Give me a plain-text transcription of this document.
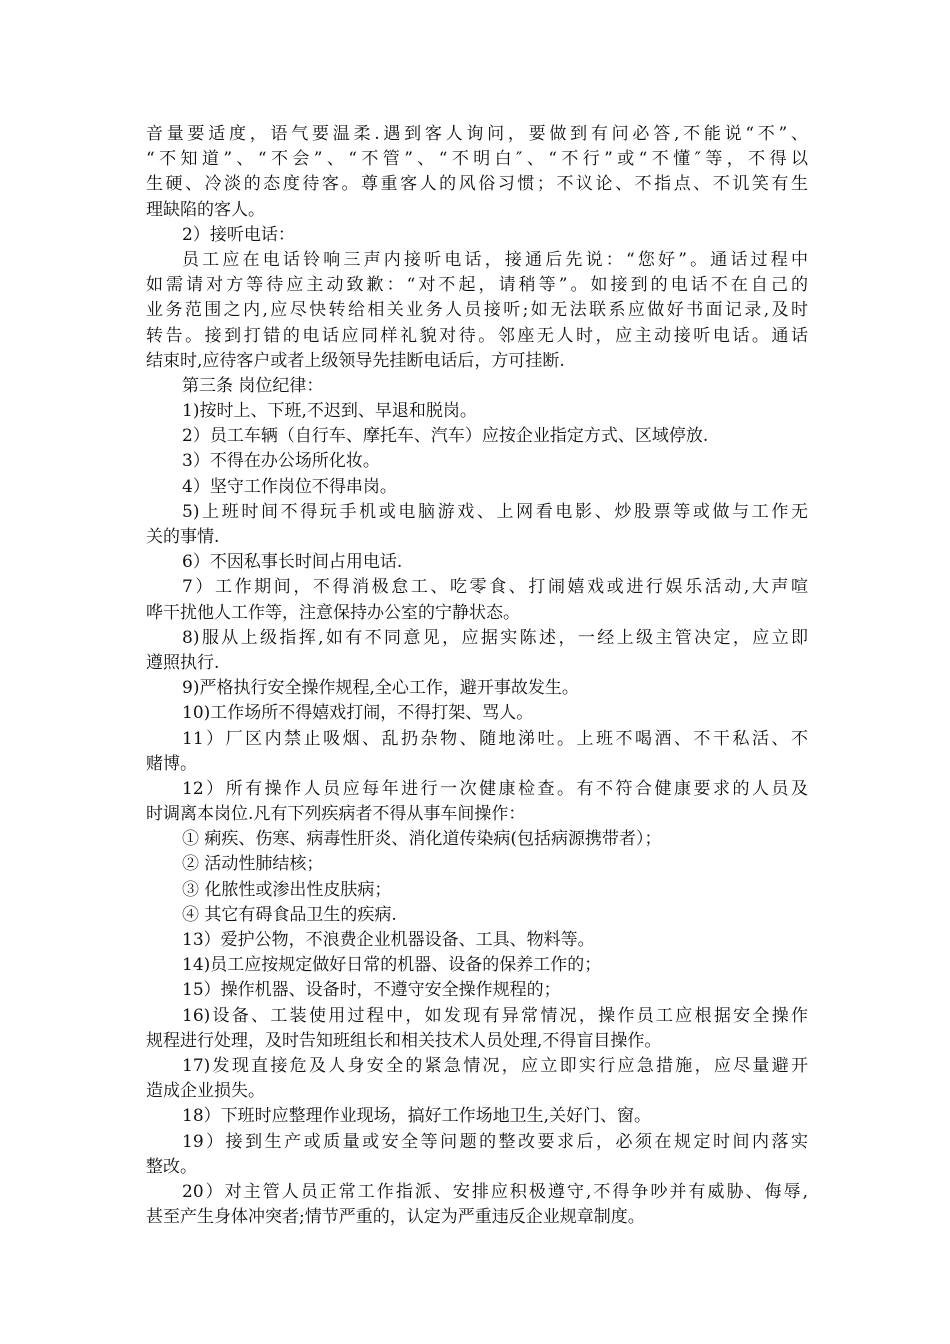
音量要适度，语气要温柔.遇到客人询问，要做到有问必答,不能说“不”、

“不知道”、“不会”、“不管”、“不明白″、“不行”或“不懂″等，不得以

生硬、冷淡的态度待客。尊重客人的风俗习惯；不议论、不指点、不讥笑有生

理缺陷的客人。

2）接听电话：

员工应在电话铃响三声内接听电话，接通后先说：“您好”。通话过程中

如需请对方等待应主动致歉：“对不起，请稍等”。如接到的电话不在自己的

业务范围之内,应尽快转给相关业务人员接听;如无法联系应做好书面记录,及时

转告。接到打错的电话应同样礼貌对待。邻座无人时，应主动接听电话。通话

结束时,应待客户或者上级领导先挂断电话后，方可挂断.

第三条 岗位纪律：

1)按时上、下班,不迟到、早退和脱岗。

2）员工车辆（自行车、摩托车、汽车）应按企业指定方式、区域停放.

3）不得在办公场所化妆。

4）坚守工作岗位不得串岗。

5)上班时间不得玩手机或电脑游戏、上网看电影、炒股票等或做与工作无

关的事情.

6）不因私事长时间占用电话.

7）工作期间，不得消极怠工、吃零食、打闹嬉戏或进行娱乐活动,大声喧

哗干扰他人工作等，注意保持办公室的宁静状态。

8)服从上级指挥,如有不同意见，应据实陈述，一经上级主管决定，应立即

遵照执行.

9)严格执行安全操作规程,全心工作，避开事故发生。

10)工作场所不得嬉戏打闹，不得打架、骂人。

11）厂区内禁止吸烟、乱扔杂物、随地涕吐。上班不喝酒、不干私活、不

赌博。

12）所有操作人员应每年进行一次健康检查。有不符合健康要求的人员及

时调离本岗位.凡有下列疾病者不得从事车间操作：

① 痢疾、伤寒、病毒性肝炎、消化道传染病(包括病源携带者）；

② 活动性肺结核；

③ 化脓性或渗出性皮肤病；

④ 其它有碍食品卫生的疾病.

13）爱护公物，不浪费企业机器设备、工具、物料等。

14)员工应按规定做好日常的机器、设备的保养工作的；

15）操作机器、设备时，不遵守安全操作规程的；

16)设备、工装使用过程中，如发现有异常情况，操作员工应根据安全操作

规程进行处理，及时告知班组长和相关技术人员处理,不得盲目操作。

17)发现直接危及人身安全的紧急情况，应立即实行应急措施，应尽量避开

造成企业损失。

18）下班时应整理作业现场，搞好工作场地卫生,关好门、窗。

19）接到生产或质量或安全等问题的整改要求后，必须在规定时间内落实

整改。

20）对主管人员正常工作指派、安排应积极遵守,不得争吵并有威胁、侮辱,

甚至产生身体冲突者;情节严重的，认定为严重违反企业规章制度。
